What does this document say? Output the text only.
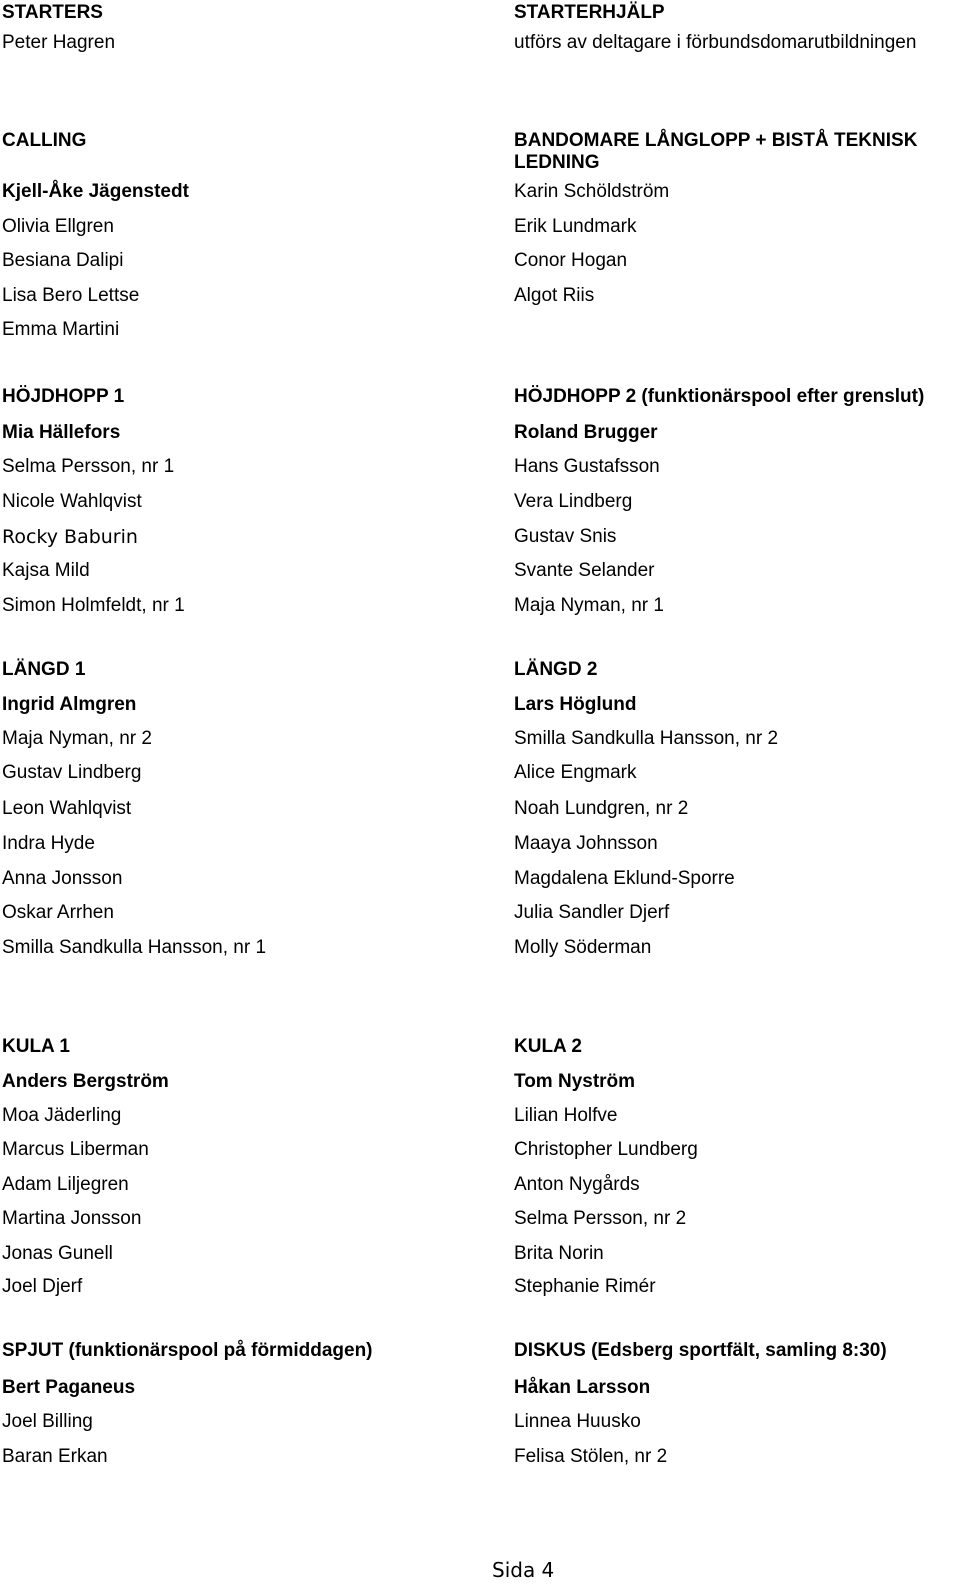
STARTERS
Peter Hagren
STARTERHJÄLP
utförs av deltagare i förbundsdomarutbildningen
CALLING
Kjell-Åke Jägenstedt
Olivia Ellgren
Besiana Dalipi
Lisa Bero Lettse
Emma Martini
BANDOMARE LÅNGLOPP + BISTÅ TEKNISK
LEDNING
Karin Schöldström
Erik Lundmark
Conor Hogan
Algot Riis
HÖJDHOPP 1
Mia Hällefors
Selma Persson, nr 1
Nicole Wahlqvist
Rocky Baburin
Kajsa Mild
Simon Holmfeldt, nr 1
HÖJDHOPP 2 (funktionärspool efter grenslut)
Roland Brugger
Hans Gustafsson
Vera Lindberg
Gustav Snis
Svante Selander
Maja Nyman, nr 1
LÄNGD 1
Ingrid Almgren
Maja Nyman, nr 2
Gustav Lindberg
Leon Wahlqvist
Indra Hyde
Anna Jonsson
Oskar Arrhen
Smilla Sandkulla Hansson, nr 1
LÄNGD 2
Lars Höglund
Smilla Sandkulla Hansson, nr 2
Alice Engmark
Noah Lundgren, nr 2
Maaya Johnsson
Magdalena Eklund-Sporre
Julia Sandler Djerf
Molly Söderman
KULA 1
Anders Bergström
Moa Jäderling
Marcus Liberman
Adam Liljegren
Martina Jonsson
Jonas Gunell
Joel Djerf
KULA 2
Tom Nyström
Lilian Holfve
Christopher Lundberg
Anton Nygårds
Selma Persson, nr 2
Brita Norin
Stephanie Rimér
SPJUT (funktionärspool på förmiddagen)
Bert Paganeus
Joel Billing
Baran Erkan
DISKUS (Edsberg sportfält, samling 8:30)
Håkan Larsson
Linnea Huusko
Felisa Stölen, nr 2
Sida 4
